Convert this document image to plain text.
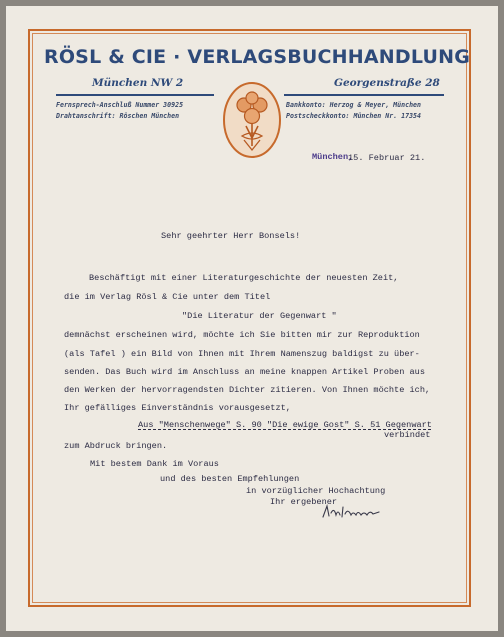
RÖSL & CIE · VERLAGSBUCHHANDLUNG
München NW 2	Georgenstraße 28
Fernsprech-Anschluß Nummer 30925
Drahtanschrift: Röschen München
Bankkonto: Herzog & Meyer, München
Postscheckkonto: München Nr. 17354
München,
15. Februar 21.
Sehr geehrter Herr Bonsels!
Beschäftigt mit einer Literaturgeschichte der neuesten Zeit,
die im Verlag Rösl & Cie unter dem Titel
"Die Literatur der Gegenwart "
demnächst erscheinen wird, möchte ich Sie bitten mir zur Reproduktion
(als Tafel ) ein Bild von Ihnen mit Ihrem Namenszug baldigst zu über-
senden. Das Buch wird im Anschluss an meine knappen Artikel Proben aus
den Werken der hervorragendsten Dichter zitieren. Von Ihnen möchte ich,
Ihr gefälliges Einverständnis vorausgesetzt,
Aus "Menschenwege" S. 90 "Die ewige Gost" S. 51 Gegenwart
verbindet
zum Abdruck bringen.
Mit bestem Dank im Voraus
und des besten Empfehlungen
in vorzüglicher Hochachtung
Ihr ergebener
